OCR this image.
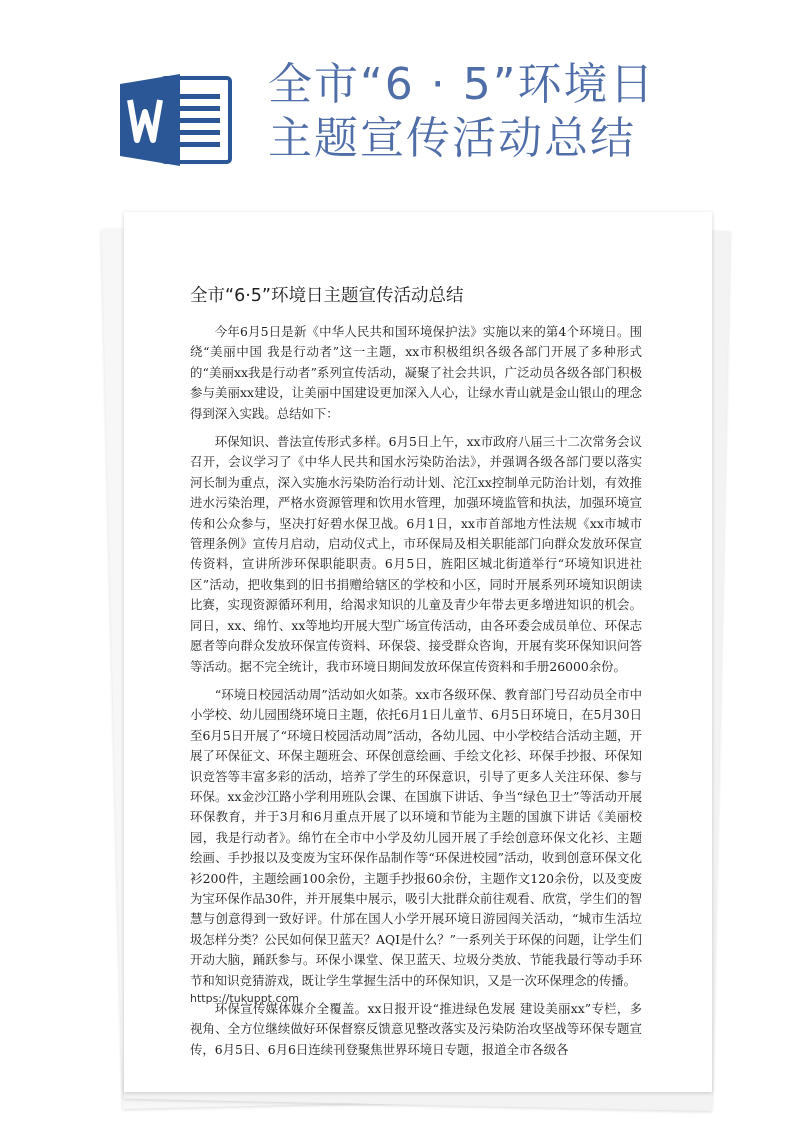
全市“6 · 5”环境日
主题宣传活动总结
全市“6·5”环境日主题宣传活动总结

今年6月5日是新《中华人民共和国环境保护法》实施以来的第4个环境日。围绕“美丽中国 我是行动者”这一主题，xx市积极组织各级各部门开展了多种形式的“美丽xx我是行动者”系列宣传活动，凝聚了社会共识，广泛动员各级各部门积极参与美丽xx建设，让美丽中国建设更加深入人心，让绿水青山就是金山银山的理念得到深入实践。总结如下：

环保知识、普法宣传形式多样。6月5日上午，xx市政府八届三十二次常务会议召开，会议学习了《中华人民共和国水污染防治法》，并强调各级各部门要以落实河长制为重点，深入实施水污染防治行动计划、沱江xx控制单元防治计划，有效推进水污染治理，严格水资源管理和饮用水管理，加强环境监管和执法，加强环境宣传和公众参与，坚决打好碧水保卫战。6月1日，xx市首部地方性法规《xx市城市管理条例》宣传月启动，启动仪式上，市环保局及相关职能部门向群众发放环保宣传资料，宣讲所涉环保职能职责。6月5日，旌阳区城北街道举行“环境知识进社区”活动，把收集到的旧书捐赠给辖区的学校和小区，同时开展系列环境知识朗读比赛，实现资源循环利用，给渴求知识的儿童及青少年带去更多增进知识的机会。同日，xx、绵竹、xx等地均开展大型广场宣传活动，由各环委会成员单位、环保志愿者等向群众发放环保宣传资料、环保袋、接受群众咨询，开展有奖环保知识问答等活动。据不完全统计，我市环境日期间发放环保宣传资料和手册26000余份。

“环境日校园活动周”活动如火如荼。xx市各级环保、教育部门号召动员全市中小学校、幼儿园围绕环境日主题，依托6月1日儿童节、6月5日环境日，在5月30日至6月5日开展了“环境日校园活动周”活动，各幼儿园、中小学校结合活动主题，开展了环保征文、环保主题班会、环保创意绘画、手绘文化衫、环保手抄报、环保知识竞答等丰富多彩的活动，培养了学生的环保意识，引导了更多人关注环保、参与环保。xx金沙江路小学利用班队会课、在国旗下讲话、争当“绿色卫士”等活动开展环保教育，并于3月和6月重点开展了以环境和节能为主题的国旗下讲话《美丽校园，我是行动者》。绵竹在全市中小学及幼儿园开展了手绘创意环保文化衫、主题绘画、手抄报以及变废为宝环保作品制作等“环保进校园”活动，收到创意环保文化衫200件，主题绘画100余份，主题手抄报60余份，主题作文120余份，以及变废为宝环保作品30件，并开展集中展示，吸引大批群众前往观看、欣赏，学生们的智慧与创意得到一致好评。什邡在国人小学开展环境日游园闯关活动，“城市生活垃圾怎样分类？公民如何保卫蓝天？AQI是什么？”一系列关于环保的问题，让学生们开动大脑，踊跃参与。环保小课堂、保卫蓝天、垃圾分类放、节能我最行等动手环节和知识竞猜游戏，既让学生掌握生活中的环保知识，又是一次环保理念的传播。

环保宣传媒体媒介全覆盖。xx日报开设“推进绿色发展 建设美丽xx”专栏，多视角、全方位继续做好环保督察反馈意见整改落实及污染防治攻坚战等环保专题宣传，6月5日、6月6日连续刊登聚焦世界环境日专题，报道全市各级各

https://tukuppt.com
